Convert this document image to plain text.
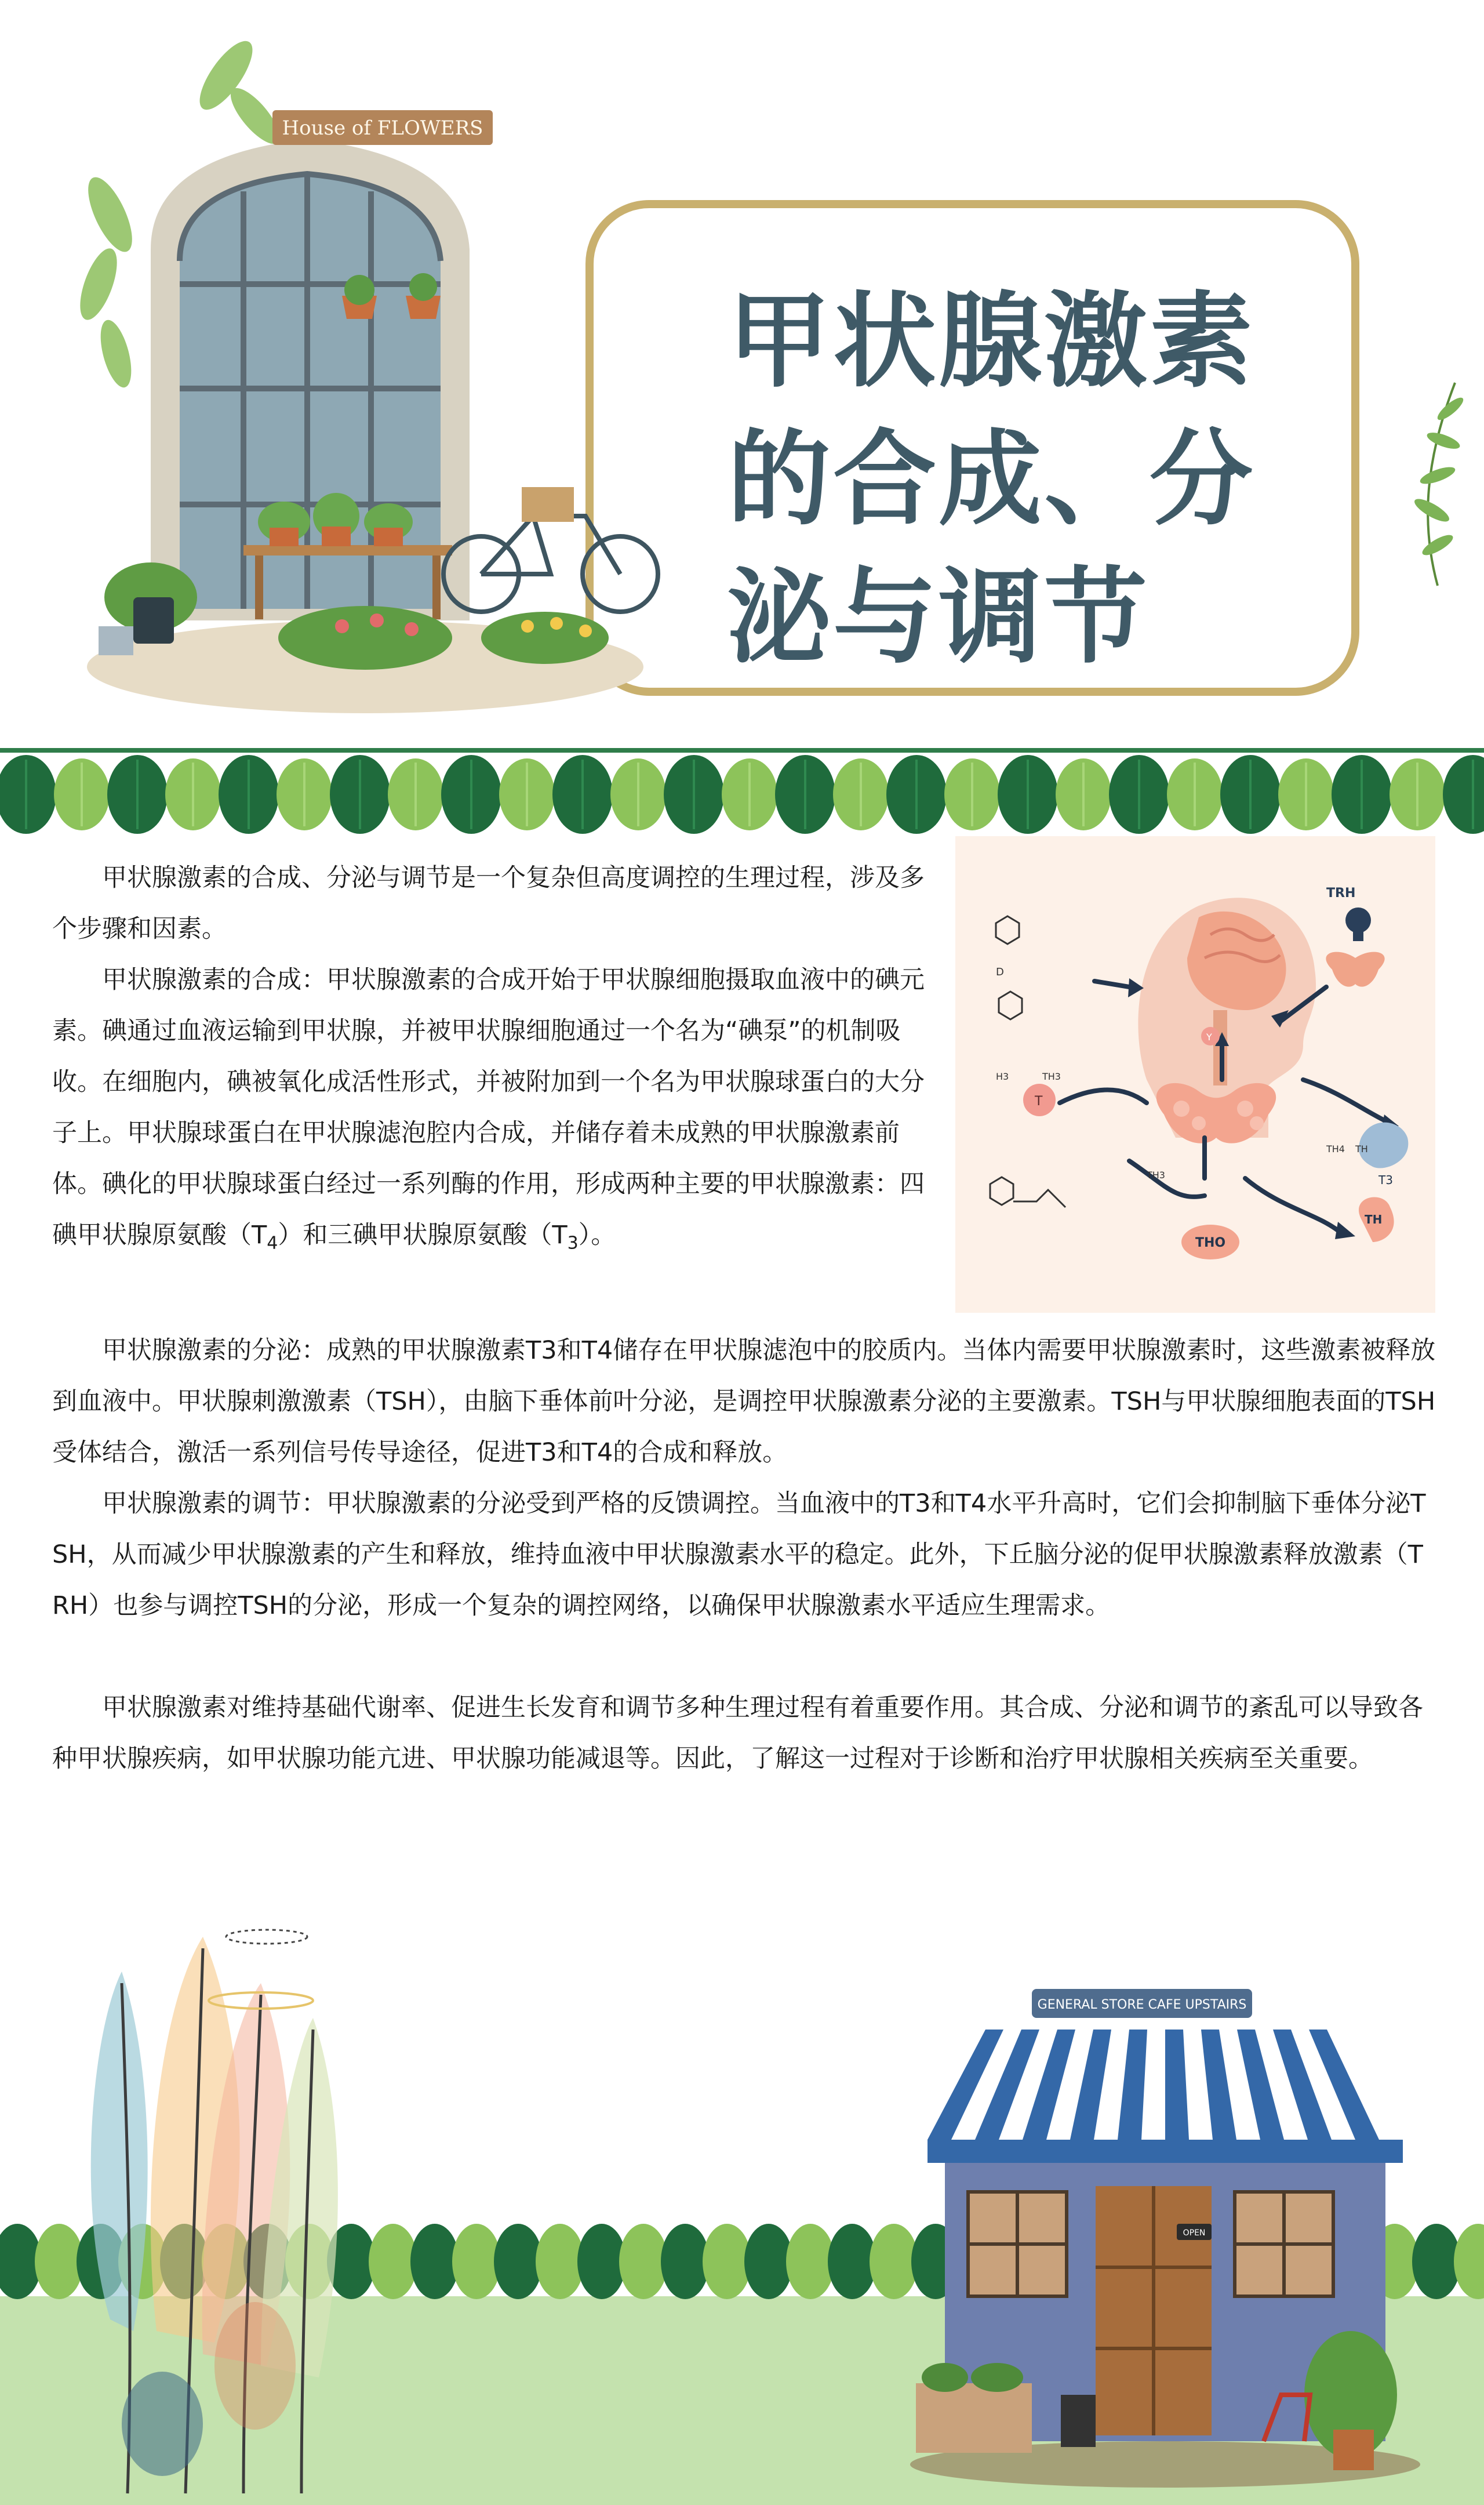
House of FLOWERS
甲状腺激素的合成、分泌与调节

甲状腺激素的合成、分泌与调节是一个复杂但高度调控的生理过程，涉及多个步骤和因素。

甲状腺激素的合成：甲状腺激素的合成开始于甲状腺细胞摄取血液中的碘元素。碘通过血液运输到甲状腺，并被甲状腺细胞通过一个名为“碘泵”的机制吸收。在细胞内，碘被氧化成活性形式，并被附加到一个名为甲状腺球蛋白的大分子上。甲状腺球蛋白在甲状腺滤泡腔内合成，并储存着未成熟的甲状腺激素前体。碘化的甲状腺球蛋白经过一系列酶的作用，形成两种主要的甲状腺激素：四碘甲状腺原氨酸$(T_4)$和三碘甲状腺原氨酸$(T_3)$。

甲状腺激素的分泌：成熟的甲状腺激素T3和T4储存在甲状腺滤泡中的胶质内。当体内需要甲状腺激素时，这些激素被释放到血液中。甲状腺刺激激素（TSH），由脑下垂体前叶分泌，是调控甲状腺激素分泌的主要激素。TSH与甲状腺细胞表面的TSH受体结合，激活一系列信号传导途径，促进T3和T4的合成和释放。

甲状腺激素的调节：甲状腺激素的分泌受到严格的反馈调控。当血液中的T3和T4水平升高时，它们会抑制脑下垂体分泌TSH，从而减少甲状腺激素的产生和释放，维持血液中甲状腺激素水平的稳定。此外，下丘脑分泌的促甲状腺激素释放激素（TRH）也参与调控TSH的分泌，形成一个复杂的调控网络，以确保甲状腺激素水平适应生理需求。

甲状腺激素对维持基础代谢率、促进生长发育和调节多种生理过程有着重要作用。其合成、分泌和调节的紊乱可以导致各种甲状腺疾病，如甲状腺功能亢进、甲状腺功能减退等。因此，了解这一过程对于诊断和治疗甲状腺相关疾病至关重要。

TRH
T
THO
TH
T3
Y
D
H3	TH3
TH3
TH4 TH
GENERAL STORE CAFE UPSTAIRS
OPEN
